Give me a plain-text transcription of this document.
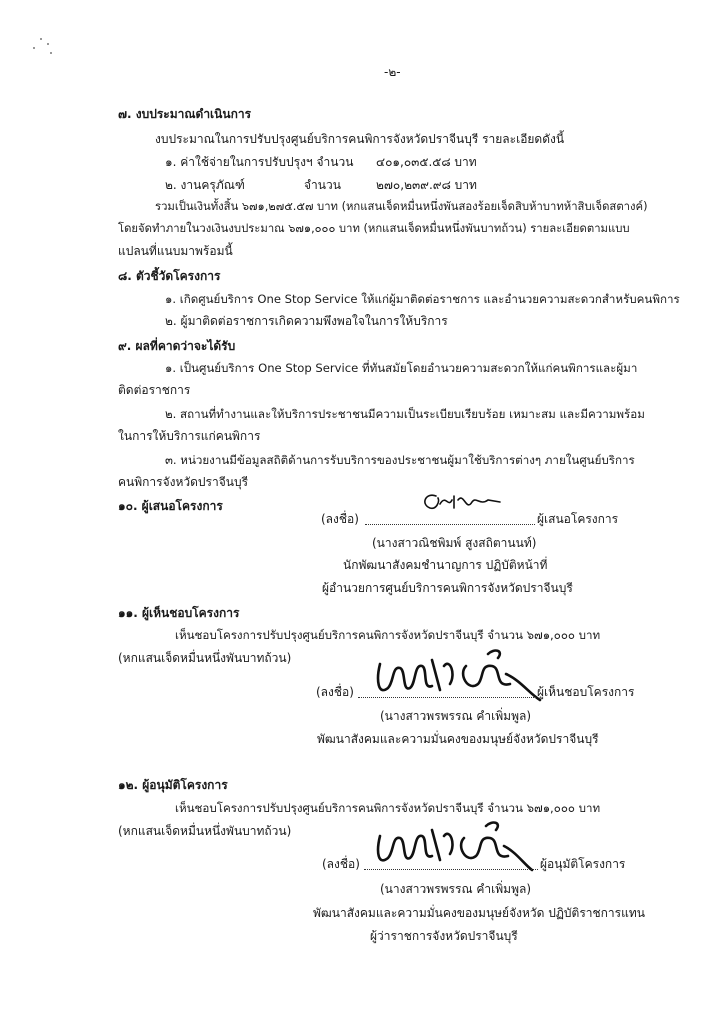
-๒-
๗. งบประมาณดำเนินการ
งบประมาณในการปรับปรุงศูนย์บริการคนพิการจังหวัดปราจีนบุรี รายละเอียดดังนี้
๑. ค่าใช้จ่ายในการปรับปรุงฯ จำนวน ๔๐๑,๐๓๕.๕๘ บาท
๒. งานครุภัณฑ์	จำนวน	๒๗๐,๒๓๙.๙๘ บาท
รวมเป็นเงินทั้งสิ้น ๖๗๑,๒๗๕.๕๗ บาท (หกแสนเจ็ดหมื่นหนึ่งพันสองร้อยเจ็ดสิบห้าบาทห้าสิบเจ็ดสตางค์)
โดยจัดทำภายในวงเงินงบประมาณ ๖๗๑,๐๐๐ บาท (หกแสนเจ็ดหมื่นหนึ่งพันบาทถ้วน) รายละเอียดตามแบบ
แปลนที่แนบมาพร้อมนี้
๘. ตัวชี้วัดโครงการ
๑. เกิดศูนย์บริการ One Stop Service ให้แก่ผู้มาติดต่อราชการ และอำนวยความสะดวกสำหรับคนพิการ
๒. ผู้มาติดต่อราชการเกิดความพึงพอใจในการให้บริการ
๙. ผลที่คาดว่าจะได้รับ
๑. เป็นศูนย์บริการ One Stop Service ที่ทันสมัยโดยอำนวยความสะดวกให้แก่คนพิการและผู้มา
ติดต่อราชการ
๒. สถานที่ทำงานและให้บริการประชาชนมีความเป็นระเบียบเรียบร้อย เหมาะสม และมีความพร้อม
ในการให้บริการแก่คนพิการ
๓. หน่วยงานมีข้อมูลสถิติด้านการรับบริการของประชาชนผู้มาใช้บริการต่างๆ ภายในศูนย์บริการ
คนพิการจังหวัดปราจีนบุรี
๑๐. ผู้เสนอโครงการ
(ลงชื่อ)	ผู้เสนอโครงการ
(นางสาวณิชพิมพ์ สูงสถิตานนท์)
นักพัฒนาสังคมชำนาญการ ปฏิบัติหน้าที่
ผู้อำนวยการศูนย์บริการคนพิการจังหวัดปราจีนบุรี
๑๑. ผู้เห็นชอบโครงการ
เห็นชอบโครงการปรับปรุงศูนย์บริการคนพิการจังหวัดปราจีนบุรี จำนวน ๖๗๑,๐๐๐ บาท
(หกแสนเจ็ดหมื่นหนึ่งพันบาทถ้วน)
(ลงชื่อ)	ผู้เห็นชอบโครงการ
(นางสาวพรพรรณ คำเพิ่มพูล)
พัฒนาสังคมและความมั่นคงของมนุษย์จังหวัดปราจีนบุรี
๑๒. ผู้อนุมัติโครงการ
เห็นชอบโครงการปรับปรุงศูนย์บริการคนพิการจังหวัดปราจีนบุรี จำนวน ๖๗๑,๐๐๐ บาท
(หกแสนเจ็ดหมื่นหนึ่งพันบาทถ้วน)
(ลงชื่อ)	ผู้อนุมัติโครงการ
(นางสาวพรพรรณ คำเพิ่มพูล)
พัฒนาสังคมและความมั่นคงของมนุษย์จังหวัด ปฏิบัติราชการแทน
ผู้ว่าราชการจังหวัดปราจีนบุรี
